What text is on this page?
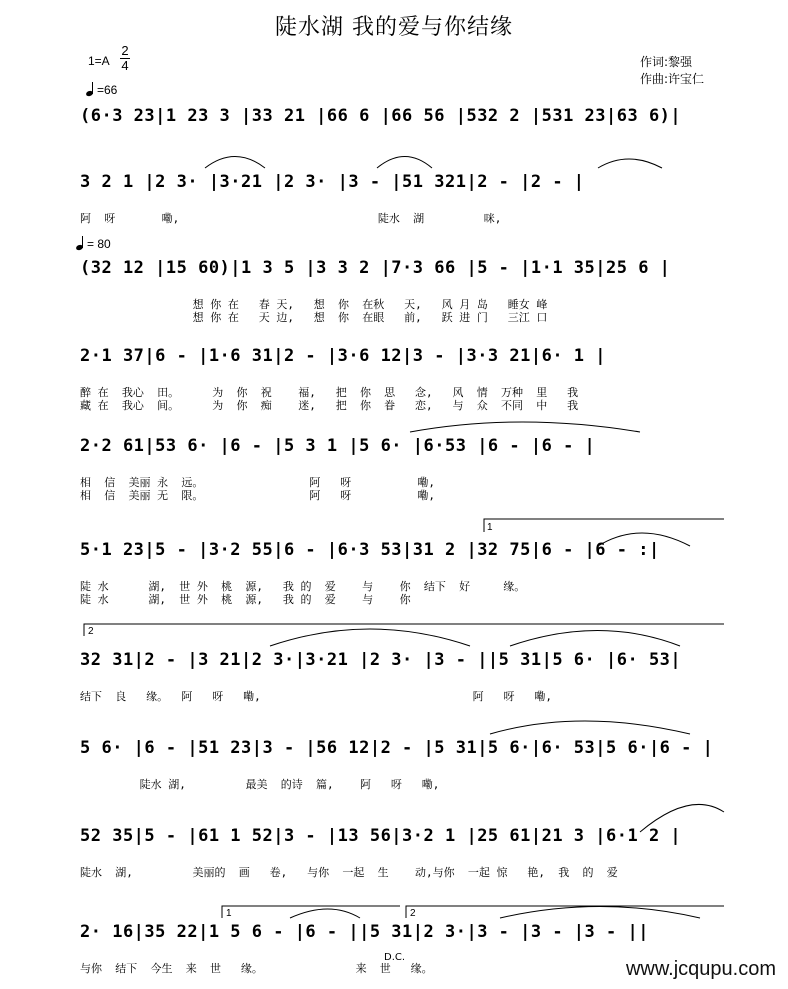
陡水湖 我的爱与你结缘
1=A
2
4
=66
= 80
作词:黎强
作曲:许宝仁
(6·3 23|1 23 3 |33 21 |66 6 |66 56 |532 2 |531 23|63 6)|
3 2 1 |2 3· |3·21 |2 3· |3 - |51 321|2 - |2 - |
阿  呀       嘞,                              陡水  湖         咪,
(32 12 |15 60)|1 3 5 |3 3 2 |7·3 66 |5 - |1·1 35|25 6 |
想 你 在   春 天,   想  你  在秋   天,   风 月 岛   睡女 峰
想 你 在   天 边,   想  你  在眼   前,   跃 进 门   三江 口
2·1 37|6 - |1·6 31|2 - |3·6 12|3 - |3·3 21|6· 1 |
醉 在  我心  田。     为  你  祝    福,   把  你  思   念,   风  情  万种  里   我
藏 在  我心  间。     为  你  痴    迷,   把  你  眷   恋,   与  众  不同  中   我
2·2 61|53 6· |6 - |5 3 1 |5 6· |6·53 |6 - |6 - |
相  信  美丽 永  远。                阿   呀          嘞,
相  信  美丽 无  限。                阿   呀          嘞,
5·1 23|5 - |3·2 55|6 - |6·3 53|31 2 |32 75|6 - |6 - :|
陡 水      湖,  世 外  桃  源,   我 的  爱    与    你  结下  好     缘。
陡 水      湖,  世 外  桃  源,   我 的  爱    与    你
32 31|2 - |3 21|2 3·|3·21 |2 3· |3 - ||5 31|5 6· |6· 53|
结下  良   缘。  阿   呀   嘞,                                阿   呀   嘞,
5 6· |6 - |51 23|3 - |56 12|2 - |5 31|5 6·|6· 53|5 6·|6 - |
陡水 湖,         最美  的诗  篇,    阿   呀   嘞,
52 35|5 - |61 1 52|3 - |13 56|3·2 1 |25 61|21 3 |6·1 2 |
陡水  湖,         美丽的  画   卷,   与你  一起  生    动,与你  一起 惊   艳,  我  的  爱
2· 16|35 22|1 5 6 - |6 - ||5 31|2 3·|3 - |3 - |3 - ||
与你  结下  今生  来  世   缘。              来  世   缘。
D.C.
www.jcqupu.com
1
2
1	2
